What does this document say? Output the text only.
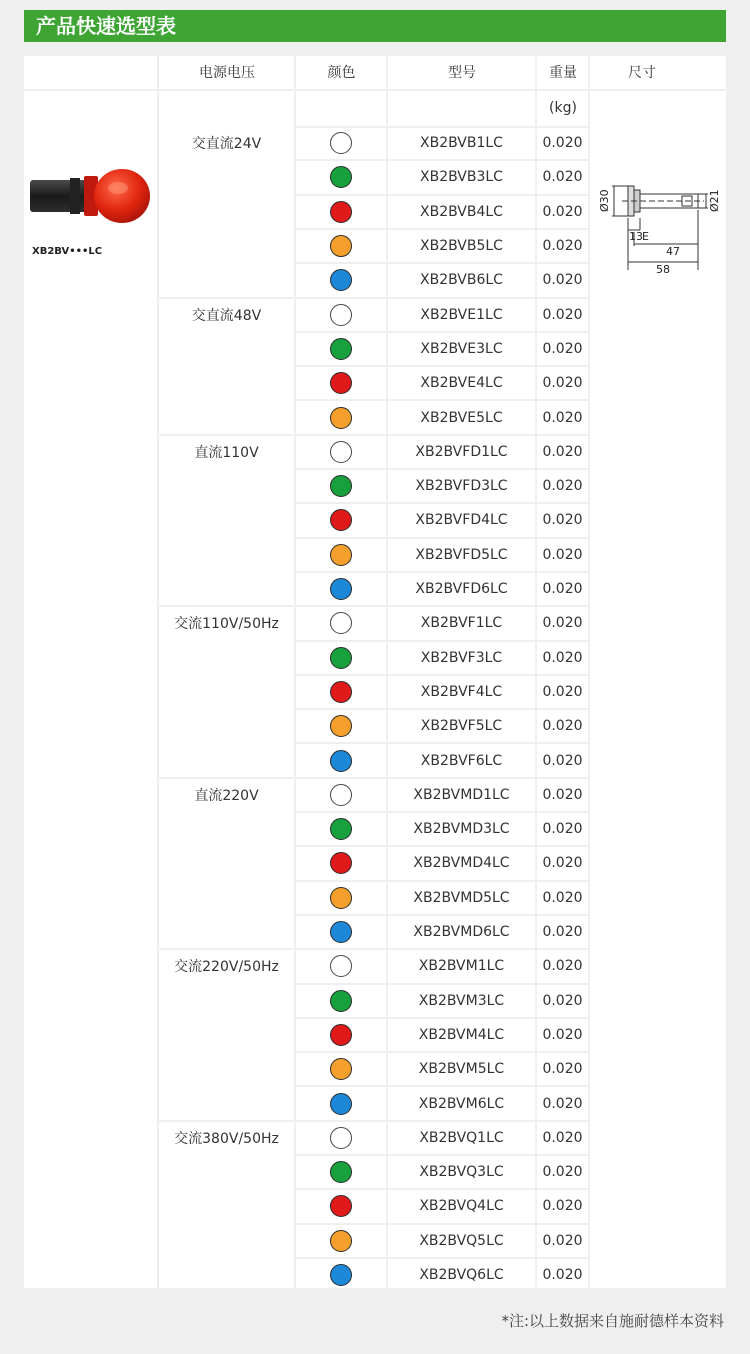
产品快速选型表
电源电压	颜色	型号	重量	尺寸
(kg)
XB2BV•••LC
Ø30	Ø21
13 E
47
58
交直流24V	XB2BVB1LC	0.020
XB2BVB3LC	0.020
XB2BVB4LC	0.020
XB2BVB5LC	0.020
XB2BVB6LC	0.020
交直流48V	XB2BVE1LC	0.020
XB2BVE3LC	0.020
XB2BVE4LC	0.020
XB2BVE5LC	0.020
直流110V	XB2BVFD1LC	0.020
XB2BVFD3LC	0.020
XB2BVFD4LC	0.020
XB2BVFD5LC	0.020
XB2BVFD6LC	0.020
交流110V/50Hz	XB2BVF1LC	0.020
XB2BVF3LC	0.020
XB2BVF4LC	0.020
XB2BVF5LC	0.020
XB2BVF6LC	0.020
直流220V	XB2BVMD1LC	0.020
XB2BVMD3LC	0.020
XB2BVMD4LC	0.020
XB2BVMD5LC	0.020
XB2BVMD6LC	0.020
交流220V/50Hz	XB2BVM1LC	0.020
XB2BVM3LC	0.020
XB2BVM4LC	0.020
XB2BVM5LC	0.020
XB2BVM6LC	0.020
交流380V/50Hz	XB2BVQ1LC	0.020
XB2BVQ3LC	0.020
XB2BVQ4LC	0.020
XB2BVQ5LC	0.020
XB2BVQ6LC	0.020
*注:以上数据来自施耐德样本资料
